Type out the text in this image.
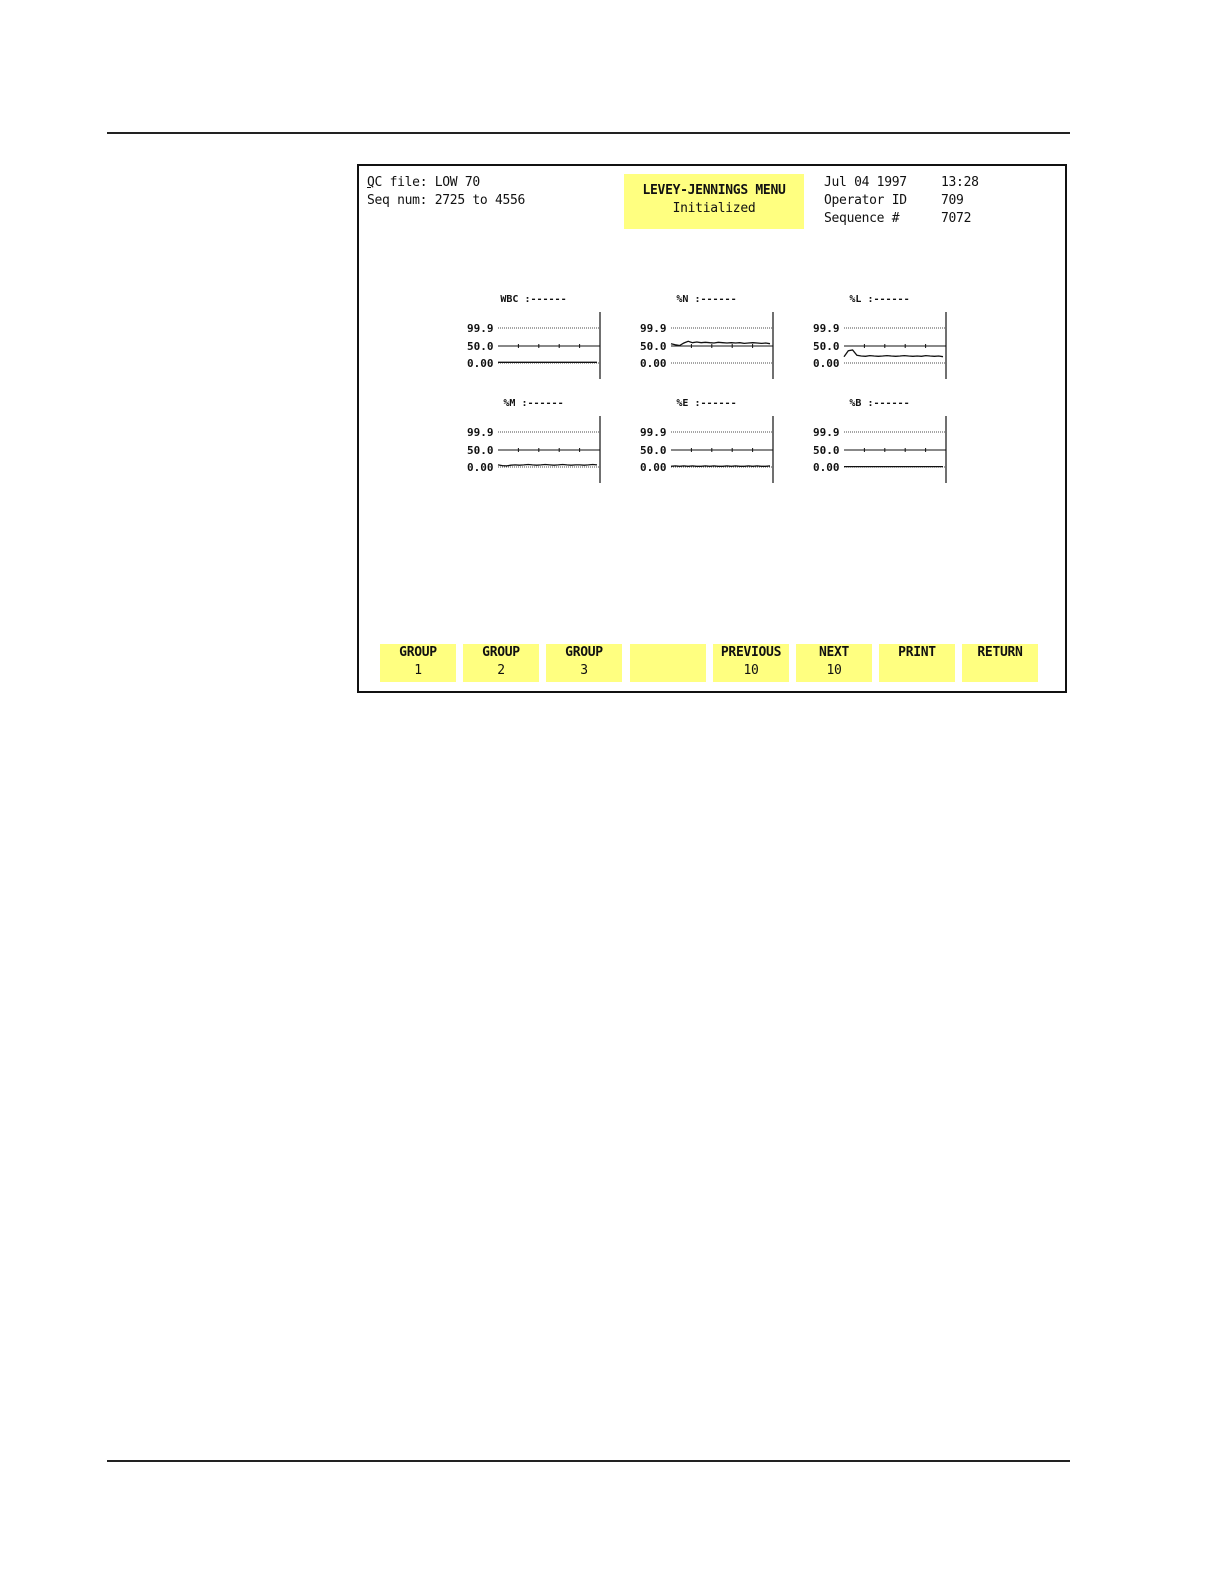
QC file: LOW 70
Seq num: 2725 to 4556
LEVEY-JENNINGS MENU
Initialized
Jul 04 1997	13:28
Operator ID	709
Sequence #	7072
WBC :------
99.9
50.0
0.00
%N :------
99.9
50.0
0.00
%L :------
99.9
50.0
0.00
%M :------
99.9
50.0
0.00
%E :------
99.9
50.0
0.00
%B :------
99.9
50.0
0.00
GROUP
1
GROUP
2
GROUP
3
PREVIOUS
10
NEXT
10
PRINT	RETURN
